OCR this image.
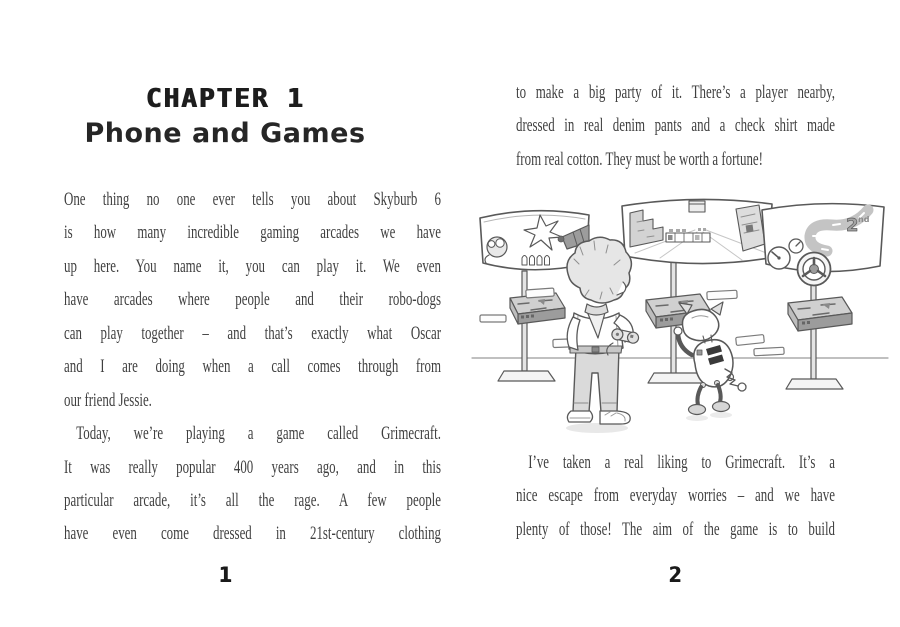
CHAPTER 1
Phone and Games
One thing no one ever tells you about Skyburb 6
is how many incredible gaming arcades we have
up here. You name it, you can play it. We even
have arcades where people and their robo-dogs
can play together – and that’s exactly what Oscar
and I are doing when a call comes through from
our friend Jessie.
Today, we’re playing a game called Grimecraft.
It was really popular 400 years ago, and in this
particular arcade, it’s all the rage. A few people
have even come dressed in 21st-century clothing
to make a big party of it. There’s a player nearby,
dressed in real denim pants and a check shirt made
from real cotton. They must be worth a fortune!
I’ve taken a real liking to Grimecraft. It’s a
nice escape from everyday worries – and we have
plenty of those! The aim of the game is to build
2 nd
1	2
